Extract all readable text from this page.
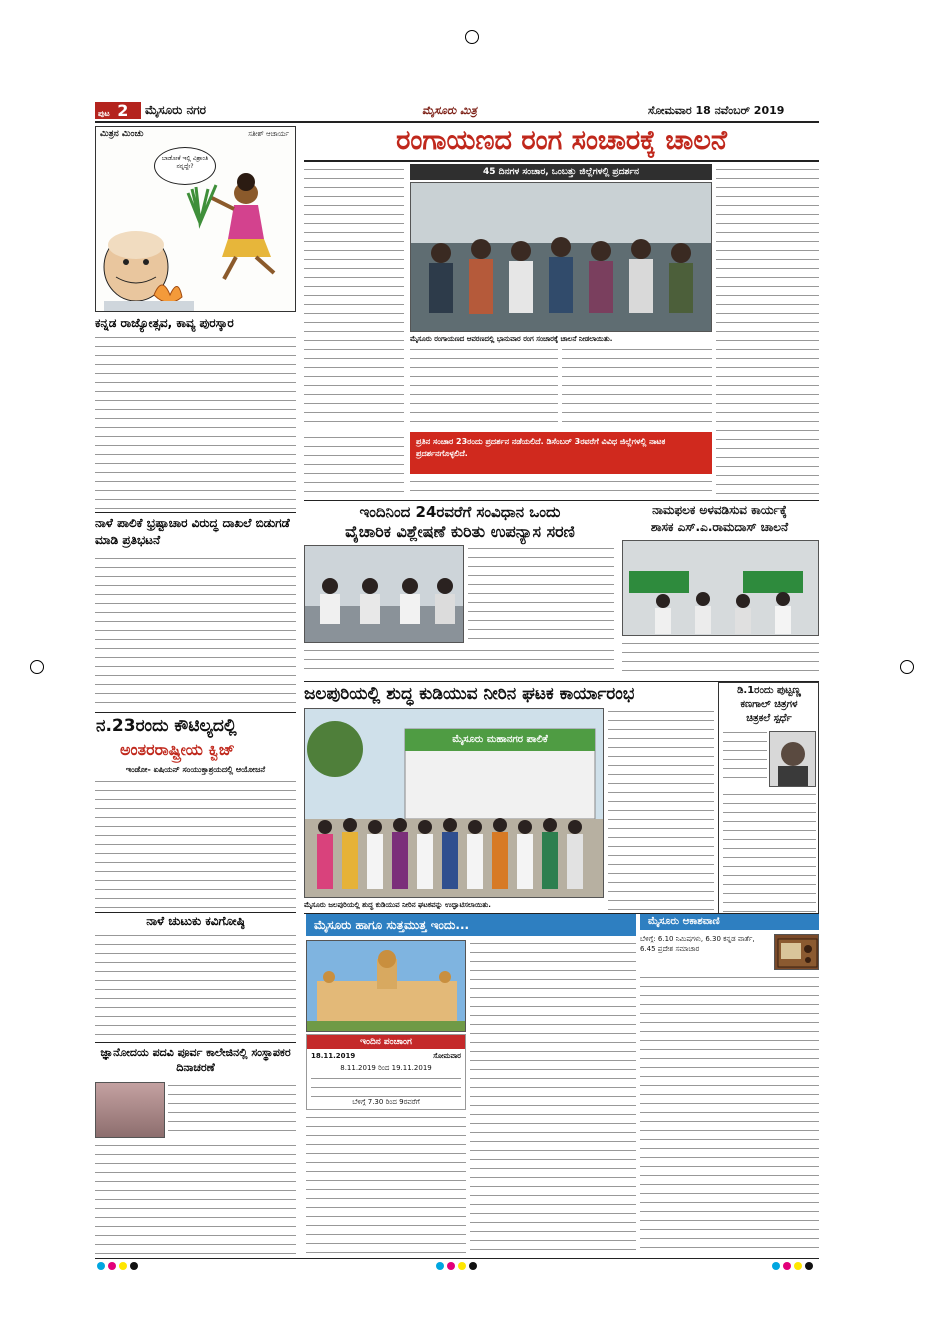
ಪುಟ 2	ಮೈಸೂರು ನಗರ	ಮೈಸೂರು ಮಿತ್ರ	ಸೋಮವಾರ 18 ನವೆಂಬರ್ 2019
ಮಿತ್ರನ ಮಿಂಚು	ಸತೀಶ್ ಆಚಾರ್ಯ
ಬಾಡೋಕೆ ಇಲ್ಲಿ ವಿಶ್ರಾಂತಿ ನನ್ನದ್ದೇ?
ಕನ್ನಡ ರಾಜ್ಯೋತ್ಸವ, ಕಾವ್ಯ ಪುರಸ್ಕಾರ
ನಾಳೆ ಪಾಲಿಕೆ ಭ್ರಷ್ಟಾಚಾರ ವಿರುದ್ಧ ದಾಖಲೆ ಬಿಡುಗಡೆ ಮಾಡಿ ಪ್ರತಿಭಟನೆ
ನ.23ರಂದು ಕೌಟಿಲ್ಯದಲ್ಲಿ
ಅಂತರರಾಷ್ಟ್ರೀಯ ಕ್ವಿಜ್
ಇಂಡೋ- ಏಷಿಯನ್ ಸಂಯುಕ್ತಾಶ್ರಯದಲ್ಲಿ ಆಯೋಜನೆ
ನಾಳೆ ಚುಟುಕು ಕವಿಗೋಷ್ಠಿ
ಜ್ಞಾನೋದಯ ಪದವಿ ಪೂರ್ವ ಕಾಲೇಜಿನಲ್ಲಿ ಸಂಸ್ಥಾಪಕರ ದಿನಾಚರಣೆ
ರಂಗಾಯಣದ ರಂಗ ಸಂಚಾರಕ್ಕೆ ಚಾಲನೆ
45 ದಿನಗಳ ಸಂಚಾರ, ಒಂಬತ್ತು ಜಿಲ್ಲೆಗಳಲ್ಲಿ ಪ್ರದರ್ಶನ
ಮೈಸೂರು ರಂಗಾಯಣದ ಆವರಣದಲ್ಲಿ ಭಾನುವಾರ ರಂಗ ಸಂಚಾರಕ್ಕೆ ಚಾಲನೆ ನೀಡಲಾಯಿತು.
ಪ್ರತಿನ ಸಂಚಾರ 23ರಂದು ಪ್ರದರ್ಶನ ನಡೆಯಲಿದೆ. ಡಿಸೆಂಬರ್ 3ರವರೆಗೆ ವಿವಿಧ ಜಿಲ್ಲೆಗಳಲ್ಲಿ ನಾಟಕ ಪ್ರದರ್ಶನಗೊಳ್ಳಲಿದೆ.
ಇಂದಿನಿಂದ 24ರವರೆಗೆ ಸಂವಿಧಾನ ಒಂದು
ವೈಚಾರಿಕ ವಿಶ್ಲೇಷಣೆ ಕುರಿತು ಉಪನ್ಯಾಸ ಸರಣಿ
ನಾಮಫಲಕ ಅಳವಡಿಸುವ ಕಾರ್ಯಕ್ಕೆ
ಶಾಸಕ ಎಸ್.ಎ.ರಾಮದಾಸ್ ಚಾಲನೆ
ಜಲಪುರಿಯಲ್ಲಿ ಶುದ್ಧ ಕುಡಿಯುವ ನೀರಿನ ಘಟಕ ಕಾರ್ಯಾರಂಭ
ಮೈಸೂರು ಮಹಾನಗರ ಪಾಲಿಕೆ
ಮೈಸೂರು ಜಲಪುರಿಯಲ್ಲಿ ಶುದ್ಧ ಕುಡಿಯುವ ನೀರಿನ ಘಟಕವನ್ನು ಉದ್ಘಾಟಿಸಲಾಯಿತು.
ಡಿ.1ರಂದು ಪುಟ್ಟಣ್ಣ
ಕಣಗಾಲ್ ಚಿತ್ರಗಳ
ಚಿತ್ರಕಲೆ ಸ್ಪರ್ಧೆ
ಮೈಸೂರು ಹಾಗೂ ಸುತ್ತಮುತ್ತ ಇಂದು...
ಇಂದಿನ ಪಂಚಾಂಗ
18.11.2019	ಸೋಮವಾರ
8.11.2019 ರಿಂದ 19.11.2019
ಬೆಳಿಗ್ಗೆ 7.30 ರಿಂದ 9ರವರೆಗೆ
ಮೈಸೂರು ಆಕಾಶವಾಣಿ
ಬೆಳಿಗ್ಗೆ: 6.10 ನಿಮಿಷಗಳು, 6.30 ಕನ್ನಡ ವಾರ್ತೆ, 6.45 ಪ್ರದೇಶ ಸಮಾಚಾರ
